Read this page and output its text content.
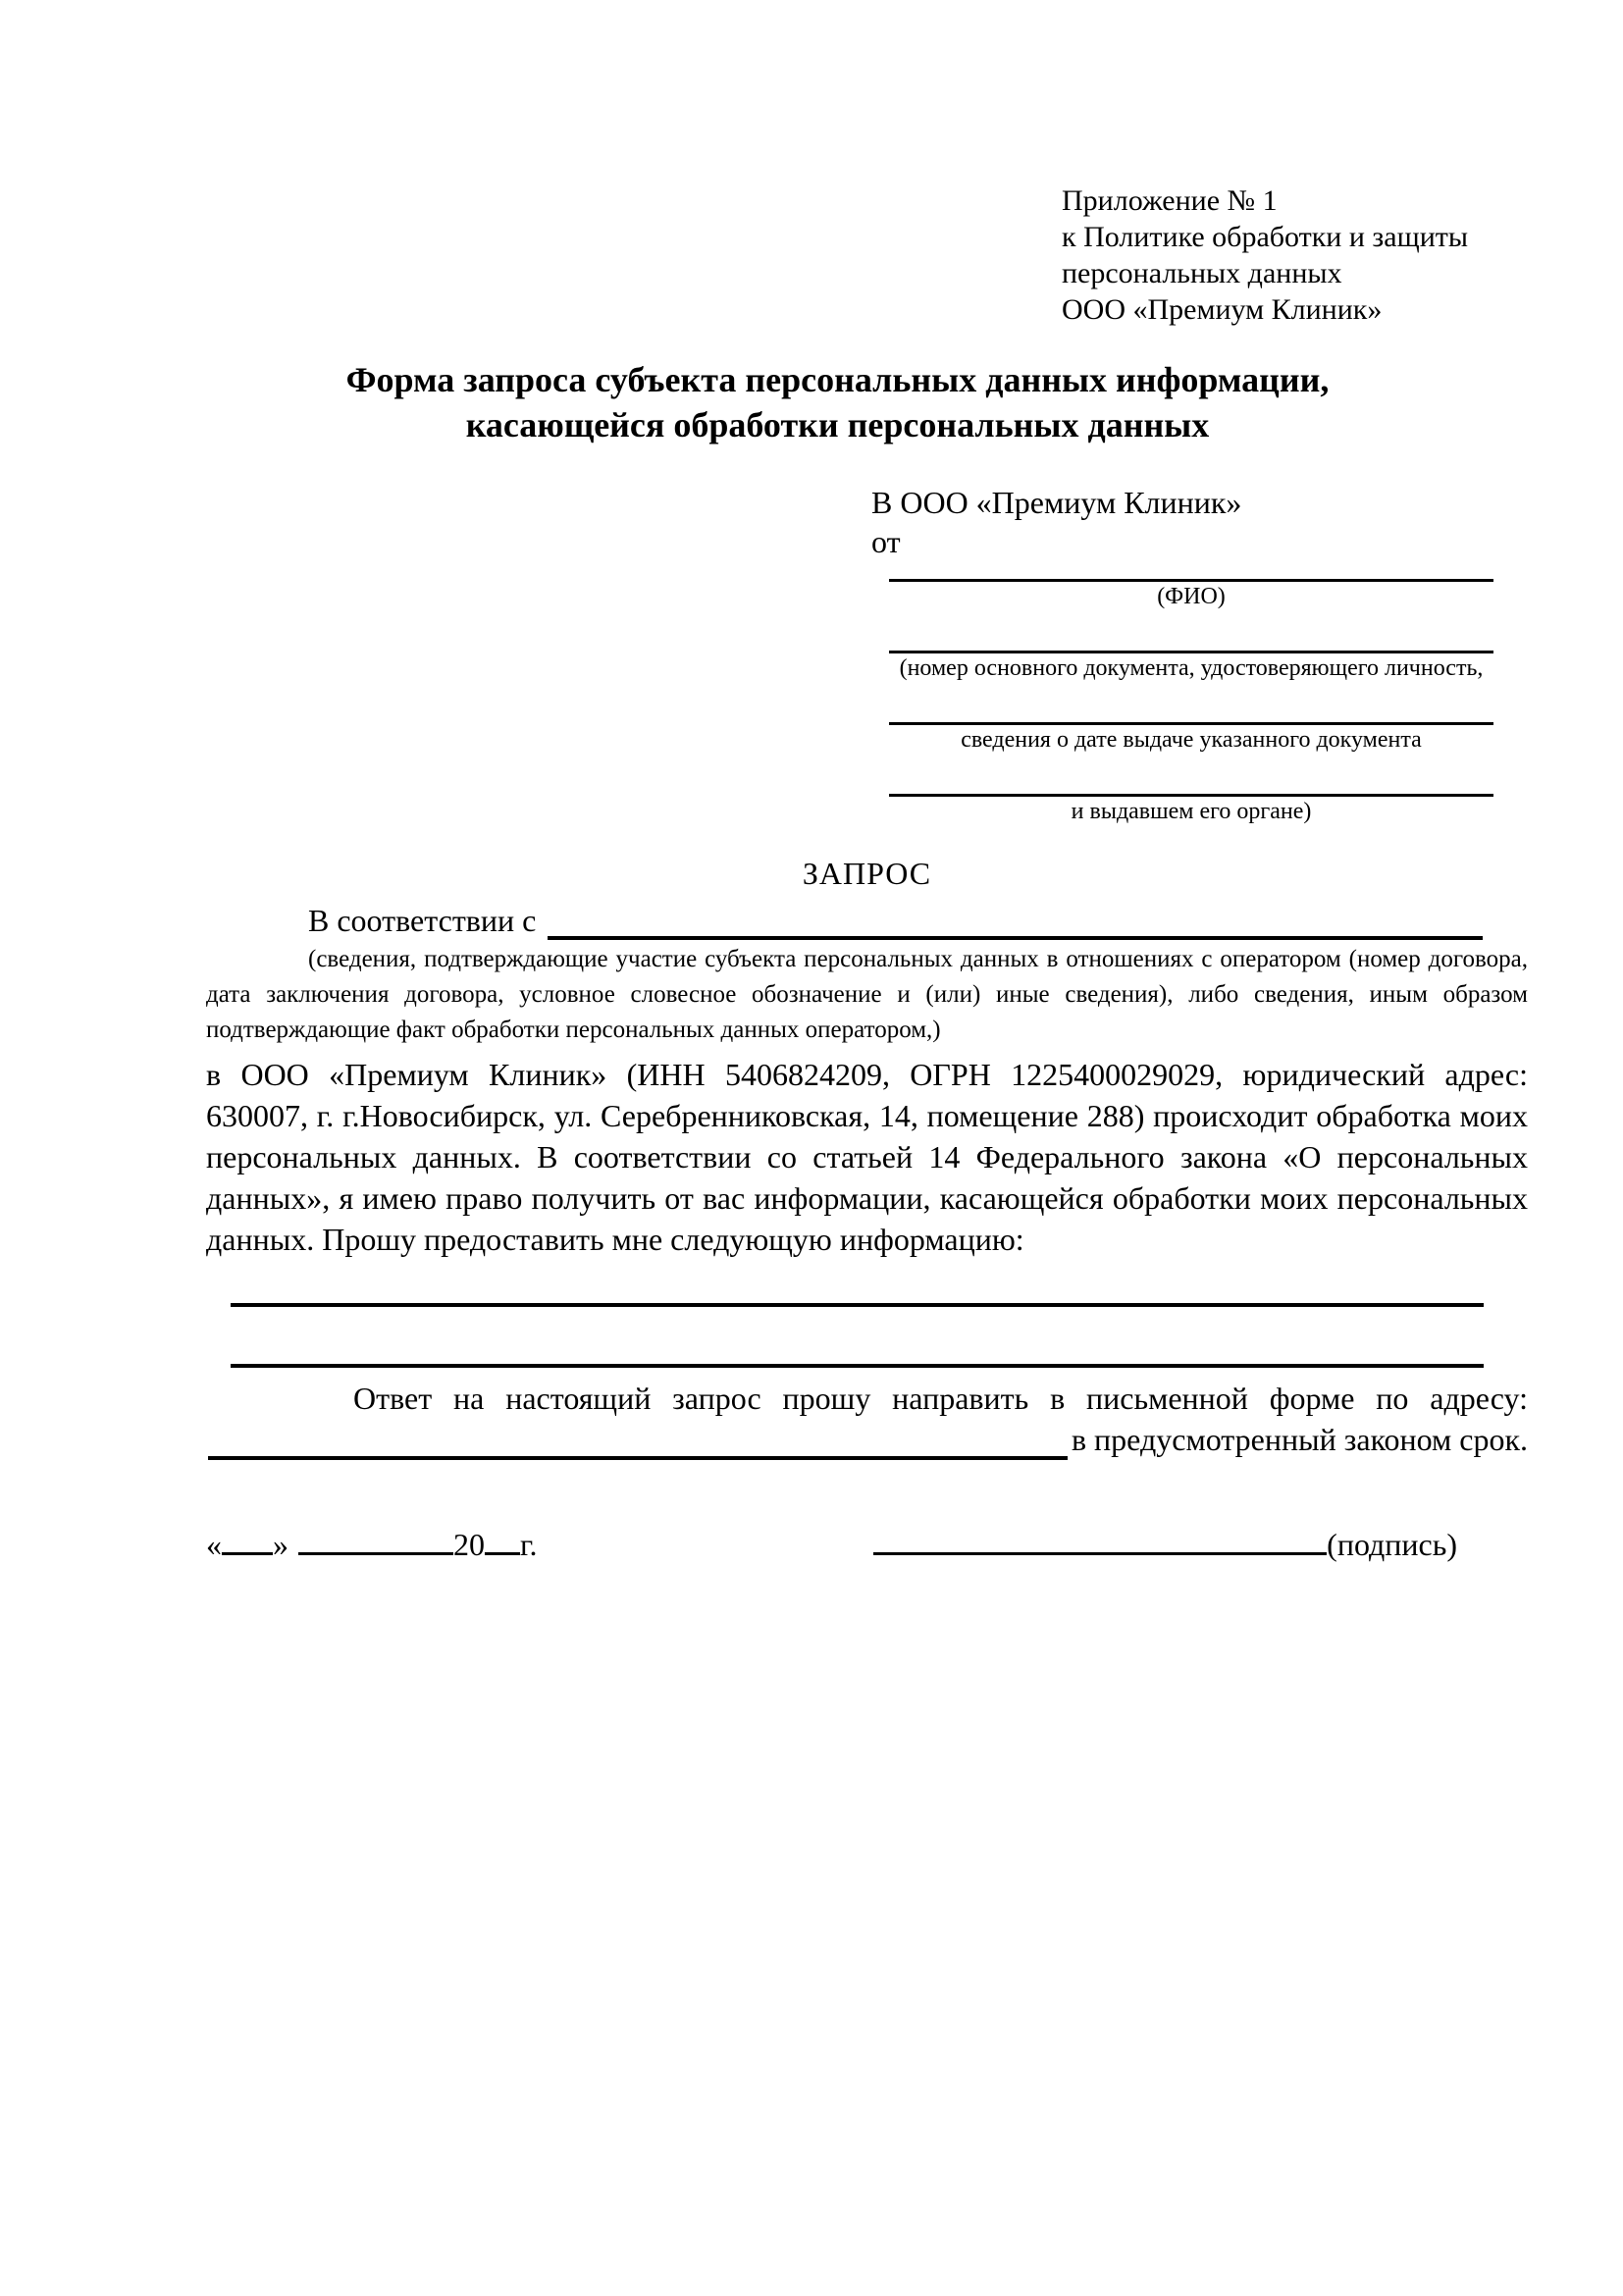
Приложение № 1
к Политике обработки и защиты
персональных данных
ООО «Премиум Клиник»
Форма запроса субъекта персональных данных информации,
касающейся обработки персональных данных
В ООО «Премиум Клиник»
от
(ФИО)
(номер основного документа, удостоверяющего личность,
сведения о дате выдаче указанного документа
и выдавшем его органе)
ЗАПРОС
В соответствии с

(сведения, подтверждающие участие субъекта персональных данных в отношениях с оператором (номер договора, дата заключения договора, условное словесное обозначение и (или) иные сведения), либо сведения, иным образом подтверждающие факт обработки персональных данных оператором,)

в ООО «Премиум Клиник» (ИНН 5406824209, ОГРН 1225400029029, юридический адрес: 630007, г. г.Новосибирск, ул. Серебренниковская, 14, помещение 288) происходит обработка моих персональных данных. В соответствии со статьей 14 Федерального закона «О персональных данных», я имею право получить от вас информации, касающейся обработки моих персональных данных. Прошу предоставить мне следующую информацию:

Ответ на настоящий запрос прошу направить в письменной форме по адресу:
в предусмотренный законом срок.
« »	20 г.	(подпись)
